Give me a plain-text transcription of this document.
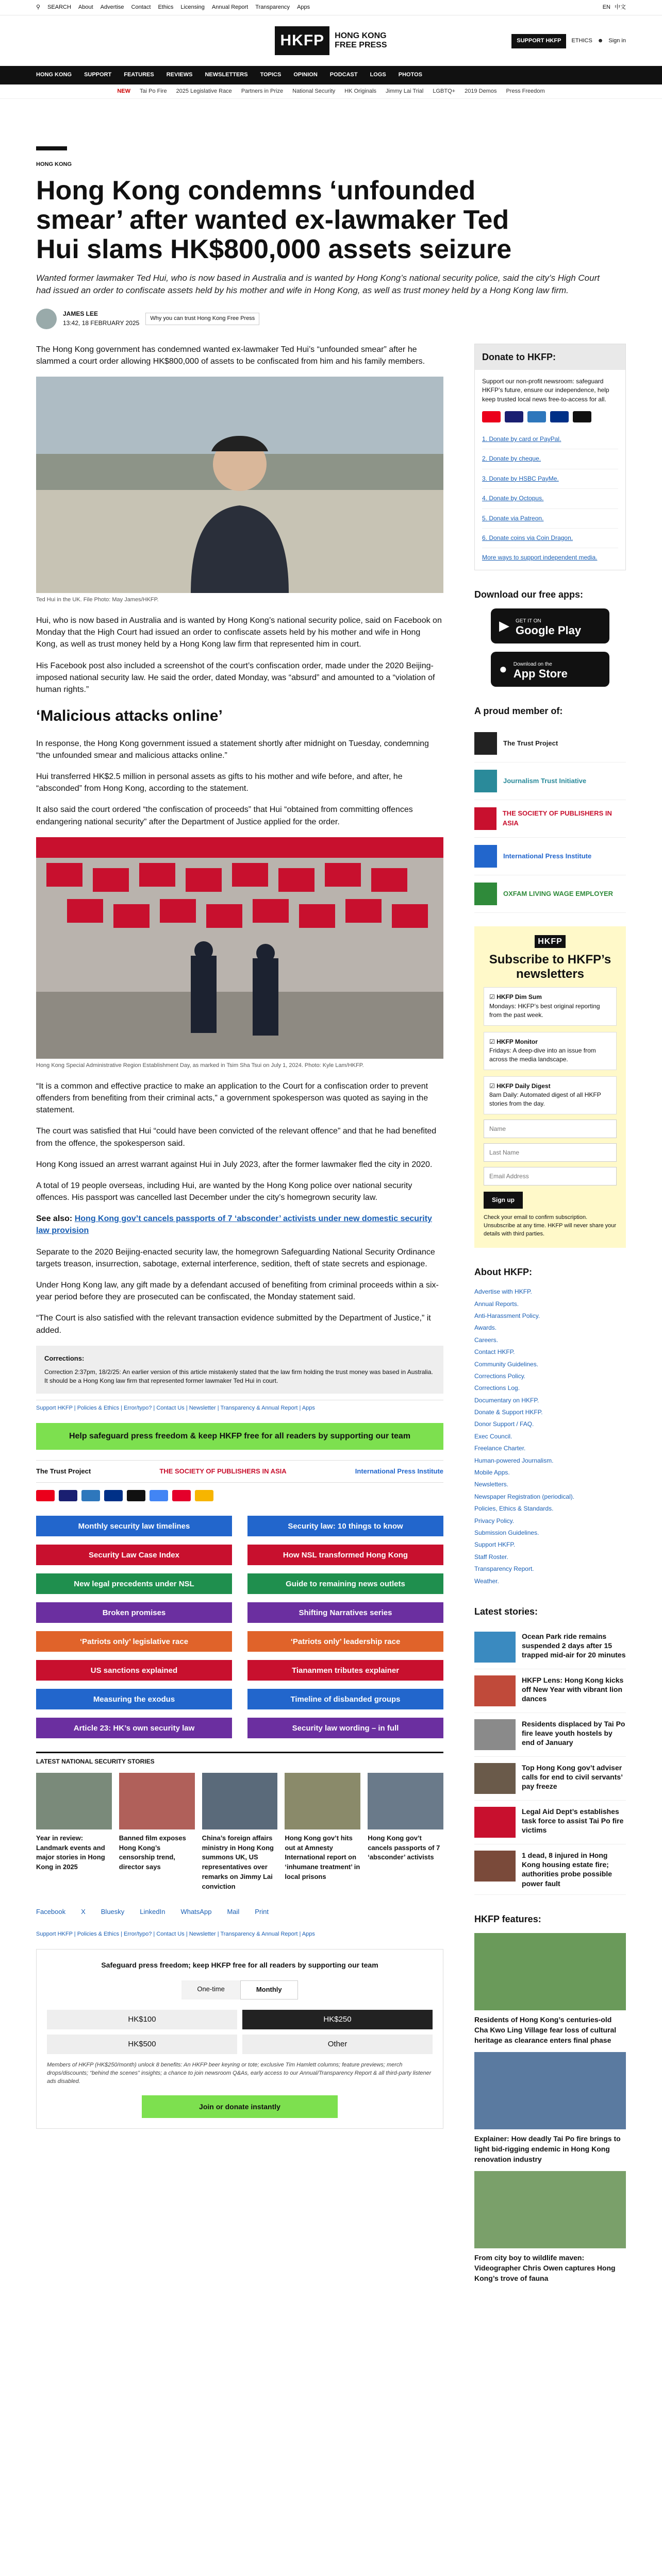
⚲ SEARCH About Advertise Contact Ethics Licensing Annual Report Transparency Apps	EN 中文
HKFP	HONG KONG
FREE PRESS	SUPPORT HKFP	ETHICS ☻ Sign in
HONG KONG SUPPORT FEATURES REVIEWS NEWSLETTERS TOPICS OPINION PODCAST LOGS PHOTOS
NEW Tai Po Fire 2025 Legislative Race Partners in Prize National Security HK Originals Jimmy Lai Trial LGBTQ+ 2019 Demos Press Freedom
HONG KONG
Hong Kong condemns ‘unfounded smear’ after wanted ex-lawmaker Ted Hui slams HK$800,000 assets seizure
Wanted former lawmaker Ted Hui, who is now based in Australia and is wanted by Hong Kong’s national security police, said the city’s High Court had issued an order to confiscate assets held by his mother and wife in Hong Kong, as well as trust money held by a Hong Kong law firm.
JAMES LEE
13:42, 18 FEBRUARY 2025
Why you can trust Hong Kong Free Press

The Hong Kong government has condemned wanted ex-lawmaker Ted Hui’s “unfounded smear” after he slammed a court order allowing HK$800,000 of assets to be confiscated from him and his family members.

Ted Hui in the UK. File Photo: May James/HKFP.

Hui, who is now based in Australia and is wanted by Hong Kong’s national security police, said on Facebook on Monday that the High Court had issued an order to confiscate assets held by his mother and wife in Hong Kong, as well as trust money held by a Hong Kong law firm that represented him in court.

His Facebook post also included a screenshot of the court’s confiscation order, made under the 2020 Beijing-imposed national security law. He said the order, dated Monday, was “absurd” and amounted to a “violation of human rights.”

‘Malicious attacks online’

In response, the Hong Kong government issued a statement shortly after midnight on Tuesday, condemning “the unfounded smear and malicious attacks online.”

Hui transferred HK$2.5 million in personal assets as gifts to his mother and wife before, and after, he “absconded” from Hong Kong, according to the statement.

It also said the court ordered “the confiscation of proceeds” that Hui “obtained from committing offences endangering national security” after the Department of Justice applied for the order.

Hong Kong Special Administrative Region Establishment Day, as marked in Tsim Sha Tsui on July 1, 2024. Photo: Kyle Lam/HKFP.

“It is a common and effective practice to make an application to the Court for a confiscation order to prevent offenders from benefiting from their criminal acts,” a government spokesperson was quoted as saying in the statement.

The court was satisfied that Hui “could have been convicted of the relevant offence” and that he had benefited from the offence, the spokesperson said.

Hong Kong issued an arrest warrant against Hui in July 2023, after the former lawmaker fled the city in 2020.

A total of 19 people overseas, including Hui, are wanted by the Hong Kong police over national security offences. His passport was cancelled last December under the city’s homegrown security law.

See also: Hong Kong gov’t cancels passports of 7 ‘absconder’ activists under new domestic security law provision

Separate to the 2020 Beijing-enacted security law, the homegrown Safeguarding National Security Ordinance targets treason, insurrection, sabotage, external interference, sedition, theft of state secrets and espionage.

Under Hong Kong law, any gift made by a defendant accused of benefiting from criminal proceeds within a six-year period before they are prosecuted can be confiscated, the Monday statement said.

“The Court is also satisfied with the relevant transaction evidence submitted by the Department of Justice,” it added.

Corrections:
Correction 2:37pm, 18/2/25: An earlier version of this article mistakenly stated that the law firm holding the trust money was based in Australia. It should be a Hong Kong law firm that represented former lawmaker Ted Hui in court.
Support HKFP | Policies & Ethics | Error/typo? | Contact Us | Newsletter | Transparency & Annual Report | Apps
Help safeguard press freedom & keep HKFP free for all readers by supporting our team
The Trust Project	THE SOCIETY OF PUBLISHERS IN ASIA	International Press Institute
Monthly security law timelines	Security law: 10 things to know
Security Law Case Index	How NSL transformed Hong Kong
New legal precedents under NSL	Guide to remaining news outlets
Broken promises	Shifting Narratives series
‘Patriots only’ legislative race	‘Patriots only’ leadership race
US sanctions explained	Tiananmen tributes explainer
Measuring the exodus	Timeline of disbanded groups
Article 23: HK’s own security law	Security law wording – in full
LATEST NATIONAL SECURITY STORIES
Year in review: Landmark events and major stories in Hong Kong in 2025
Banned film exposes Hong Kong’s censorship trend, director says
China’s foreign affairs ministry in Hong Kong summons UK, US representatives over remarks on Jimmy Lai conviction
Hong Kong gov’t hits out at Amnesty International report on ‘inhumane treatment’ in local prisons
Hong Kong gov’t cancels passports of 7 ‘absconder’ activists
Facebook X Bluesky LinkedIn WhatsApp Mail Print
Support HKFP | Policies & Ethics | Error/typo? | Contact Us | Newsletter | Transparency & Annual Report | Apps
Safeguard press freedom; keep HKFP free for all readers by supporting our team
One-time	Monthly
HK$100	HK$250
HK$500	Other
Members of HKFP (HK$250/month) unlock 8 benefits: An HKFP beer keyring or tote; exclusive Tim Hamlett columns; feature previews; merch drops/discounts; “behind the scenes” insights; a chance to join newsroom Q&As, early access to our Annual/Transparency Report & all third-party listener ads disabled.
Join or donate instantly
Donate to HKFP:
Support our non-profit newsroom: safeguard HKFP’s future, ensure our independence, help keep trusted local news free-to-access for all.
1. Donate by card or PayPal.
2. Donate by cheque.
3. Donate by HSBC PayMe.
4. Donate by Octopus.
5. Donate via Patreon.
6. Donate coins via Coin Dragon.
More ways to support independent media.
Download our free apps:
▶ GET IT ON
Google Play
● Download on the
App Store
A proud member of:
The Trust Project
Journalism Trust Initiative
THE SOCIETY OF PUBLISHERS IN ASIA
International Press Institute
OXFAM LIVING WAGE EMPLOYER
HKFP
Subscribe to HKFP’s newsletters
☑ HKFP Dim Sum
Mondays: HKFP’s best original reporting from the past week.
☑ HKFP Monitor
Fridays: A deep-dive into an issue from across the media landscape.
☑ HKFP Daily Digest
8am Daily: Automated digest of all HKFP stories from the day.
Name Last Name Email Address Sign up
Check your email to confirm subscription. Unsubscribe at any time. HKFP will never share your details with third parties.
About HKFP:
Advertise with HKFP.
Annual Reports.
Anti-Harassment Policy.
Awards.
Careers.
Contact HKFP.
Community Guidelines.
Corrections Policy.
Corrections Log.
Documentary on HKFP.
Donate & Support HKFP.
Donor Support / FAQ.
Exec Council.
Freelance Charter.
Human-powered Journalism.
Mobile Apps.
Newsletters.
Newspaper Registration (periodical).
Policies, Ethics & Standards.
Privacy Policy.
Submission Guidelines.
Support HKFP.
Staff Roster.
Transparency Report.
Weather.
Latest stories:
Ocean Park ride remains suspended 2 days after 15 trapped mid-air for 20 minutes
HKFP Lens: Hong Kong kicks off New Year with vibrant lion dances
Residents displaced by Tai Po fire leave youth hostels by end of January
Top Hong Kong gov’t adviser calls for end to civil servants’ pay freeze
Legal Aid Dept’s establishes task force to assist Tai Po fire victims
1 dead, 8 injured in Hong Kong housing estate fire; authorities probe possible power fault
HKFP features:
Residents of Hong Kong’s centuries-old Cha Kwo Ling Village fear loss of cultural heritage as clearance enters final phase
Explainer: How deadly Tai Po fire brings to light bid-rigging endemic in Hong Kong renovation industry
From city boy to wildlife maven: Videographer Chris Owen captures Hong Kong’s trove of fauna
